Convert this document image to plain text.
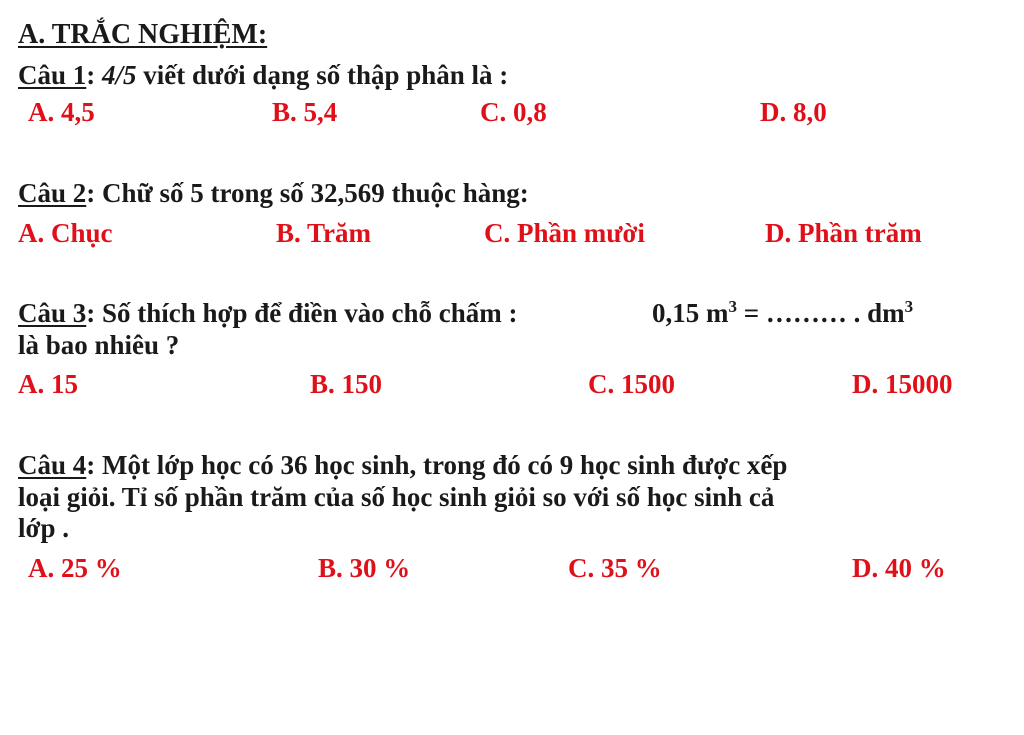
A. TRẮC NGHIỆM:
Câu 1: 4/5 viết dưới dạng số thập phân là :
A. 4,5	B. 5,4	C. 0,8	D. 8,0
Câu 2: Chữ số 5 trong số 32,569 thuộc hàng:
A. Chục	B. Trăm	C. Phần mười	D. Phần trăm
Câu 3: Số thích hợp để điền vào chỗ chấm :	0,15 $m^3$ = ……… . $dm^3$
là bao nhiêu ?
A. 15	B. 150	C. 1500	D. 15000
Câu 4: Một lớp học có 36 học sinh, trong đó có 9 học sinh được xếp
loại giỏi. Tỉ số phần trăm của số học sinh giỏi so với số học sinh cả
lớp .
A. 25 %	B. 30 %	C. 35 %	D. 40 %
